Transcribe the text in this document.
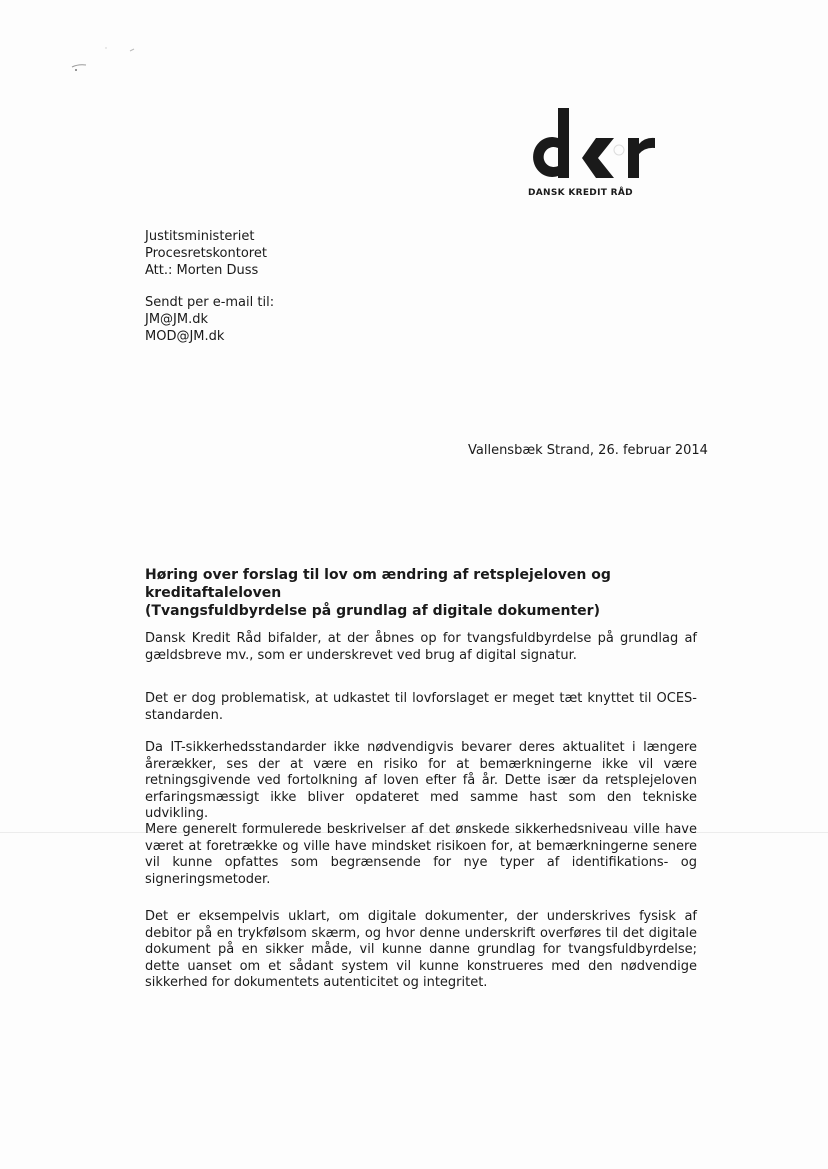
DANSK KREDIT RÅD
Justitsministeriet
Procesretskontoret
Att.: Morten Duss
Sendt per e-mail til:
JM@JM.dk
MOD@JM.dk
Vallensbæk Strand, 26. februar 2014
Høring over forslag til lov om ændring af retsplejeloven og kreditaftaleloven
(Tvangsfuldbyrdelse på grundlag af digitale dokumenter)

Dansk Kredit Råd bifalder, at der åbnes op for tvangsfuldbyrdelse på grundlag af gældsbreve mv., som er underskrevet ved brug af digital signatur.

Det er dog problematisk, at udkastet til lovforslaget er meget tæt knyttet til OCES-standarden.

Da IT-sikkerhedsstandarder ikke nødvendigvis bevarer deres aktualitet i længere årerækker, ses der at være en risiko for at bemærkningerne ikke vil være retningsgivende ved fortolkning af loven efter få år. Dette især da retsplejeloven erfaringsmæssigt ikke bliver opdateret med samme hast som den tekniske udvikling.

Mere generelt formulerede beskrivelser af det ønskede sikkerhedsniveau ville have været at foretrække og ville have mindsket risikoen for, at bemærkningerne senere vil kunne opfattes som begrænsende for nye typer af identifikations- og signeringsmetoder.

Det er eksempelvis uklart, om digitale dokumenter, der underskrives fysisk af debitor på en trykfølsom skærm, og hvor denne underskrift overføres til det digitale dokument på en sikker måde, vil kunne danne grundlag for tvangsfuldbyrdelse; dette uanset om et sådant system vil kunne konstrueres med den nødvendige sikkerhed for dokumentets autenticitet og integritet.
